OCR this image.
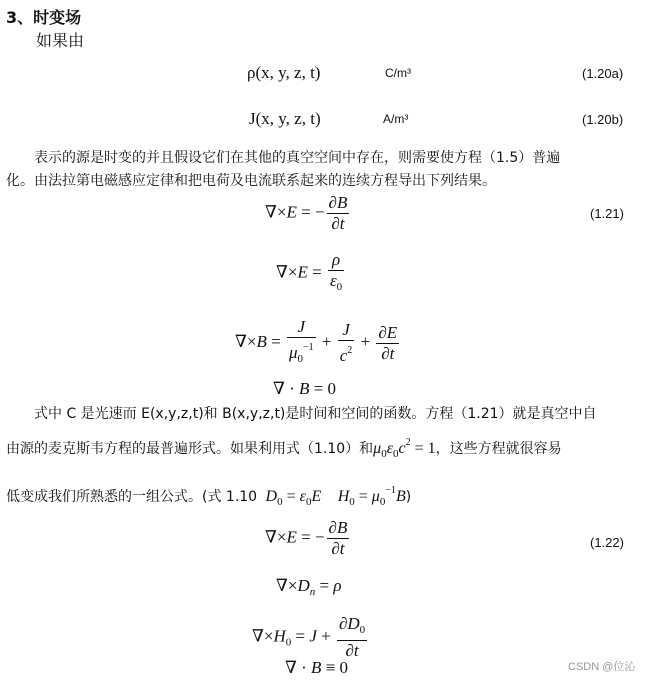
3、时变场
如果由
ρ(x, y, z, t)	C/m³	(1.20a)
J(x, y, z, t)	A/m³	(1.20b)
表示的源是时变的并且假设它们在其他的真空空间中存在，则需要使方程（1.5）普遍
化。由法拉第电磁感应定律和把电荷及电流联系起来的连续方程导出下列结果。
∇×E = − $\frac{\partial B}{\partial t}$	(1.21)
$\nabla\times E = \frac{\rho}{\varepsilon_0}$
$\nabla\times B = \frac{J}{\mu_0^{-1}} + \frac{J}{c^2} + \frac{\partial E}{\partial t}$
∇ · B = 0
式中 C 是光速而 E(x,y,z,t)和 B(x,y,z,t)是时间和空间的函数。方程（1.21）就是真空中自
由源的麦克斯韦方程的最普遍形式。如果利用式（1.10）和$\mu_0\varepsilon_0c^2 = 1$，这些方程就很容易
低变成我们所熟悉的一组公式。(式 1.10 $D_0 = \varepsilon_0E$ $H_0 = \mu_0^{-1}B$)
∇×E = − $\frac{\partial B}{\partial t}$	(1.22)
$\nabla\times D_n = \rho$
$\nabla\times H_0 = J + \frac{\partial D_0}{\partial t}$
∇ · B ≡ 0	CSDN @位沁
